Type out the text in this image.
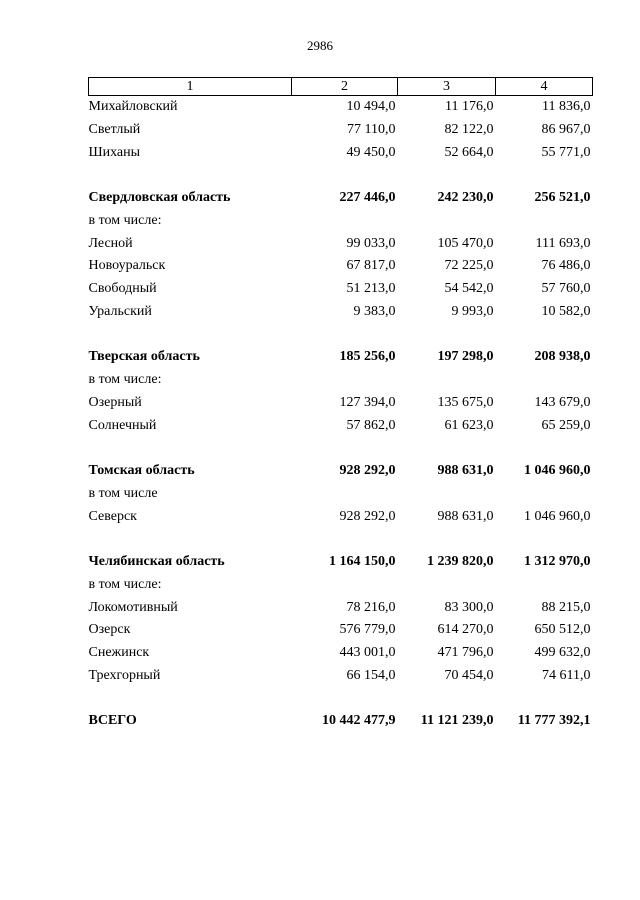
2986
1	2	3	4
Михайловский	10 494,0	11 176,0	11 836,0
Светлый	77 110,0	82 122,0	86 967,0
Шиханы	49 450,0	52 664,0	55 771,0

Свердловская область	227 446,0	242 230,0	256 521,0
в том числе:			
Лесной	99 033,0	105 470,0	111 693,0
Новоуральск	67 817,0	72 225,0	76 486,0
Свободный	51 213,0	54 542,0	57 760,0
Уральский	9 383,0	9 993,0	10 582,0

Тверская область	185 256,0	197 298,0	208 938,0
в том числе:			
Озерный	127 394,0	135 675,0	143 679,0
Солнечный	57 862,0	61 623,0	65 259,0

Томская область	928 292,0	988 631,0	1 046 960,0
в том числе			
Северск	928 292,0	988 631,0	1 046 960,0

Челябинская область	1 164 150,0	1 239 820,0	1 312 970,0
в том числе:			
Локомотивный	78 216,0	83 300,0	88 215,0
Озерск	576 779,0	614 270,0	650 512,0
Снежинск	443 001,0	471 796,0	499 632,0
Трехгорный	66 154,0	70 454,0	74 611,0

ВСЕГО	10 442 477,9	11 121 239,0	11 777 392,1
